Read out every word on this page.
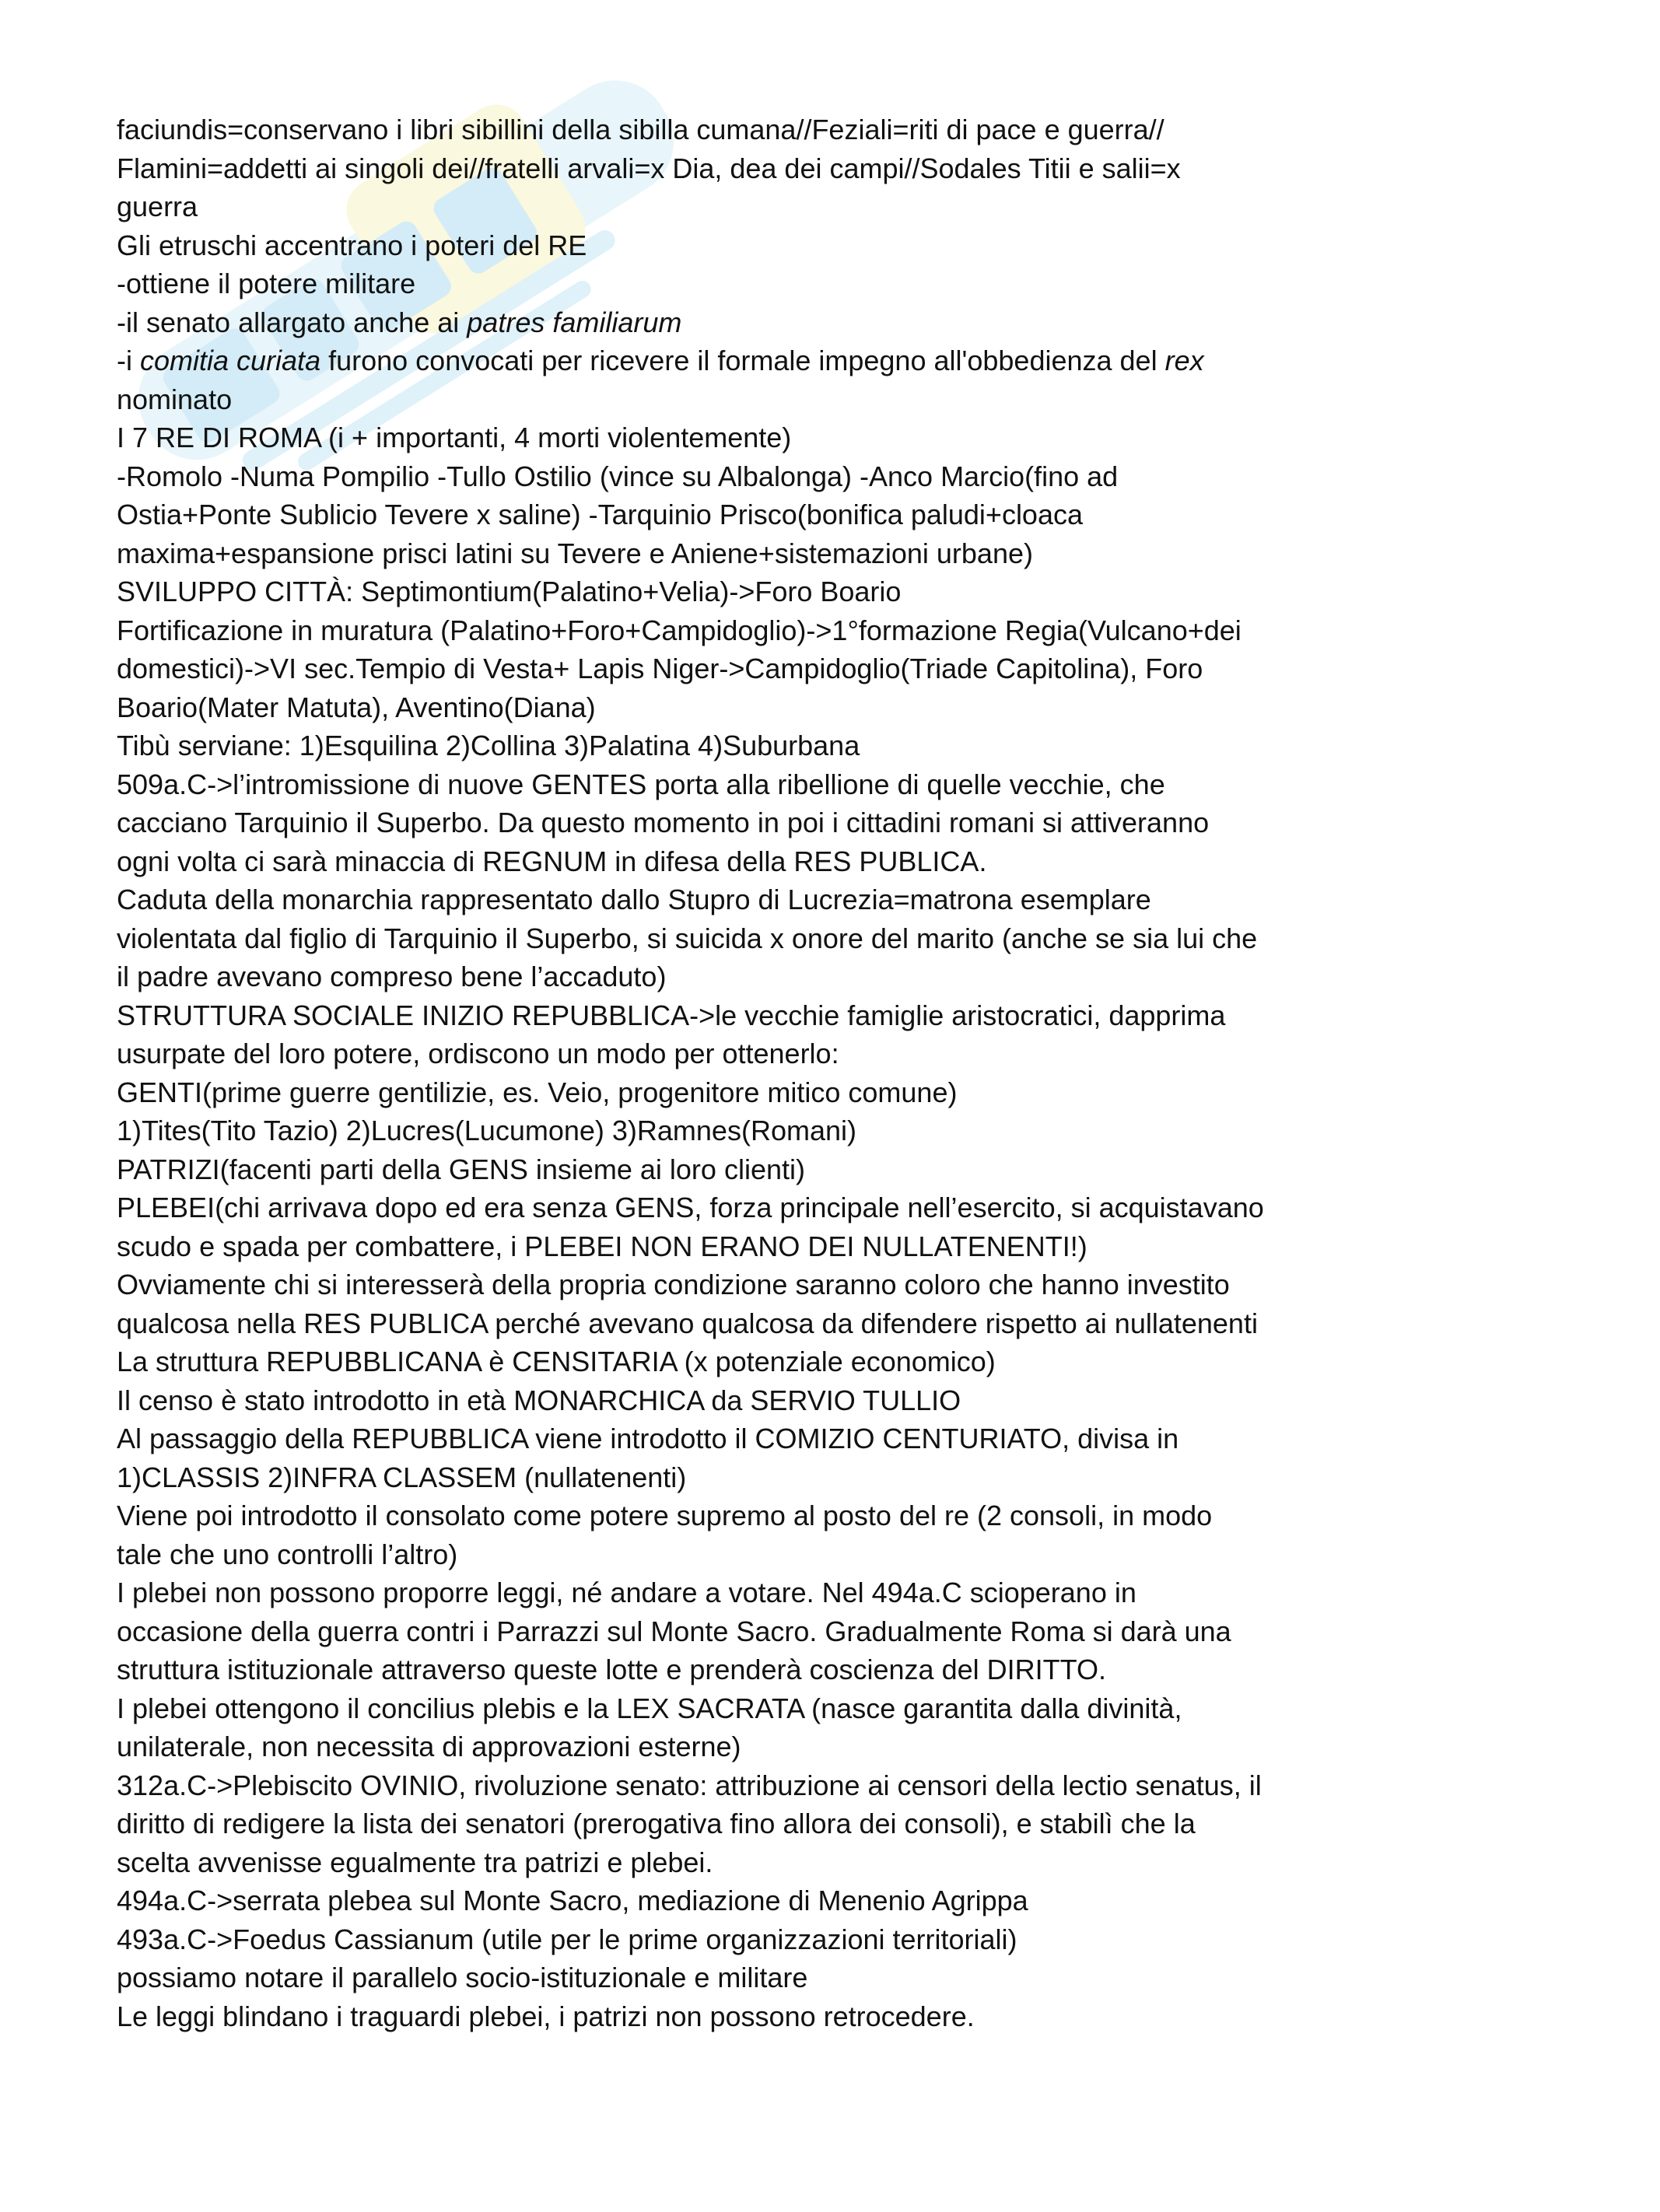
faciundis=conservano i libri sibillini della sibilla cumana//Feziali=riti di pace e guerra//
Flamini=addetti ai singoli dei//fratelli arvali=x Dia, dea dei campi//Sodales Titii e salii=x
guerra
Gli etruschi accentrano i poteri del RE
-ottiene il potere militare
-il senato allargato anche ai patres familiarum
-i comitia curiata furono convocati per ricevere il formale impegno all'obbedienza del rex
nominato
I 7 RE DI ROMA (i + importanti, 4 morti violentemente)
-Romolo -Numa Pompilio -Tullo Ostilio (vince su Albalonga) -Anco Marcio(fino ad
Ostia+Ponte Sublicio Tevere x saline) -Tarquinio Prisco(bonifica paludi+cloaca
maxima+espansione prisci latini su Tevere e Aniene+sistemazioni urbane)
SVILUPPO CITTÀ: Septimontium(Palatino+Velia)->Foro Boario
Fortificazione in muratura (Palatino+Foro+Campidoglio)->1°formazione Regia(Vulcano+dei
domestici)->VI sec.Tempio di Vesta+ Lapis Niger->Campidoglio(Triade Capitolina), Foro
Boario(Mater Matuta), Aventino(Diana)
Tibù serviane: 1)Esquilina 2)Collina 3)Palatina 4)Suburbana
509a.C->l’intromissione di nuove GENTES porta alla ribellione di quelle vecchie, che
cacciano Tarquinio il Superbo. Da questo momento in poi i cittadini romani si attiveranno
ogni volta ci sarà minaccia di REGNUM in difesa della RES PUBLICA.
Caduta della monarchia rappresentato dallo Stupro di Lucrezia=matrona esemplare
violentata dal figlio di Tarquinio il Superbo, si suicida x onore del marito (anche se sia lui che
il padre avevano compreso bene l’accaduto)
STRUTTURA SOCIALE INIZIO REPUBBLICA->le vecchie famiglie aristocratici, dapprima
usurpate del loro potere, ordiscono un modo per ottenerlo:
GENTI(prime guerre gentilizie, es. Veio, progenitore mitico comune)
1)Tites(Tito Tazio) 2)Lucres(Lucumone) 3)Ramnes(Romani)
PATRIZI(facenti parti della GENS insieme ai loro clienti)
PLEBEI(chi arrivava dopo ed era senza GENS, forza principale nell’esercito, si acquistavano
scudo e spada per combattere, i PLEBEI NON ERANO DEI NULLATENENTI!)
Ovviamente chi si interesserà della propria condizione saranno coloro che hanno investito
qualcosa nella RES PUBLICA perché avevano qualcosa da difendere rispetto ai nullatenenti
La struttura REPUBBLICANA è CENSITARIA (x potenziale economico)
Il censo è stato introdotto in età MONARCHICA da SERVIO TULLIO
Al passaggio della REPUBBLICA viene introdotto il COMIZIO CENTURIATO, divisa in
1)CLASSIS 2)INFRA CLASSEM (nullatenenti)
Viene poi introdotto il consolato come potere supremo al posto del re (2 consoli, in modo
tale che uno controlli l’altro)
I plebei non possono proporre leggi, né andare a votare. Nel 494a.C scioperano in
occasione della guerra contri i Parrazzi sul Monte Sacro. Gradualmente Roma si darà una
struttura istituzionale attraverso queste lotte e prenderà coscienza del DIRITTO.
I plebei ottengono il concilius plebis e la LEX SACRATA (nasce garantita dalla divinità,
unilaterale, non necessita di approvazioni esterne)
312a.C->Plebiscito OVINIO, rivoluzione senato: attribuzione ai censori della lectio senatus, il
diritto di redigere la lista dei senatori (prerogativa fino allora dei consoli), e stabilì che la
scelta avvenisse egualmente tra patrizi e plebei.
494a.C->serrata plebea sul Monte Sacro, mediazione di Menenio Agrippa
493a.C->Foedus Cassianum (utile per le prime organizzazioni territoriali)
possiamo notare il parallelo socio-istituzionale e militare
Le leggi blindano i traguardi plebei, i patrizi non possono retrocedere.
